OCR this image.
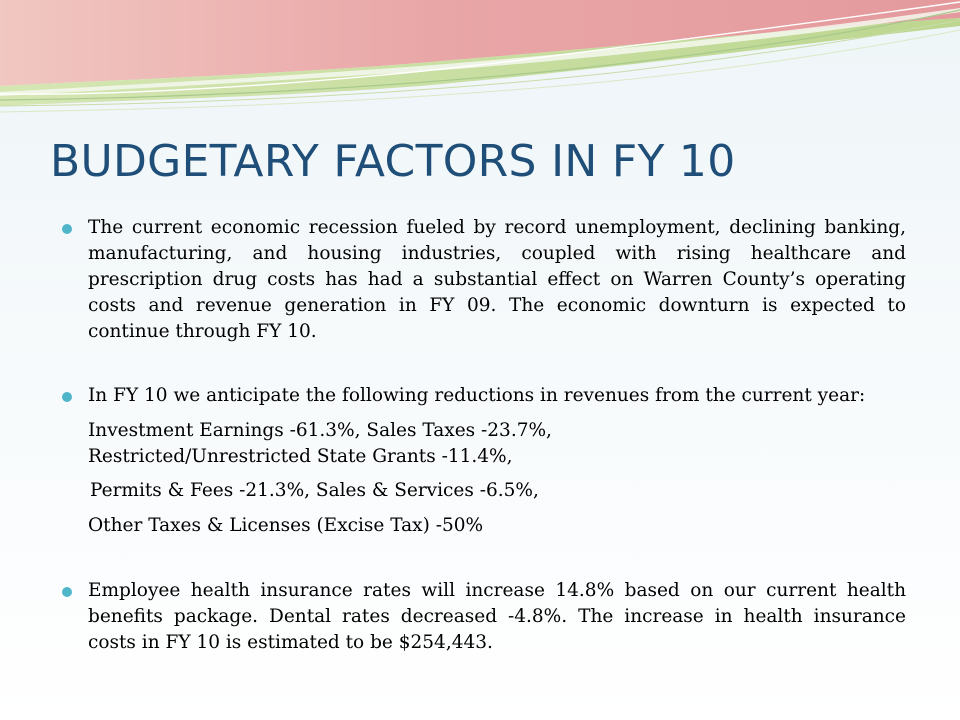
BUDGETARY FACTORS IN FY 10

The current economic recession fueled by record unemployment, declining banking, manufacturing, and housing industries, coupled with rising healthcare and prescription drug costs has had a substantial effect on Warren County’s operating costs and revenue generation in FY 09. The economic downturn is expected to continue through FY 10.

In FY 10 we anticipate the following reductions in revenues from the current year:

Investment Earnings -61.3%, Sales Taxes -23.7%,

Restricted/Unrestricted State Grants -11.4%,

Permits & Fees -21.3%, Sales & Services -6.5%,

Other Taxes & Licenses (Excise Tax) -50%

Employee health insurance rates will increase 14.8% based on our current health benefits package. Dental rates decreased -4.8%. The increase in health insurance costs in FY 10 is estimated to be $254,443.
